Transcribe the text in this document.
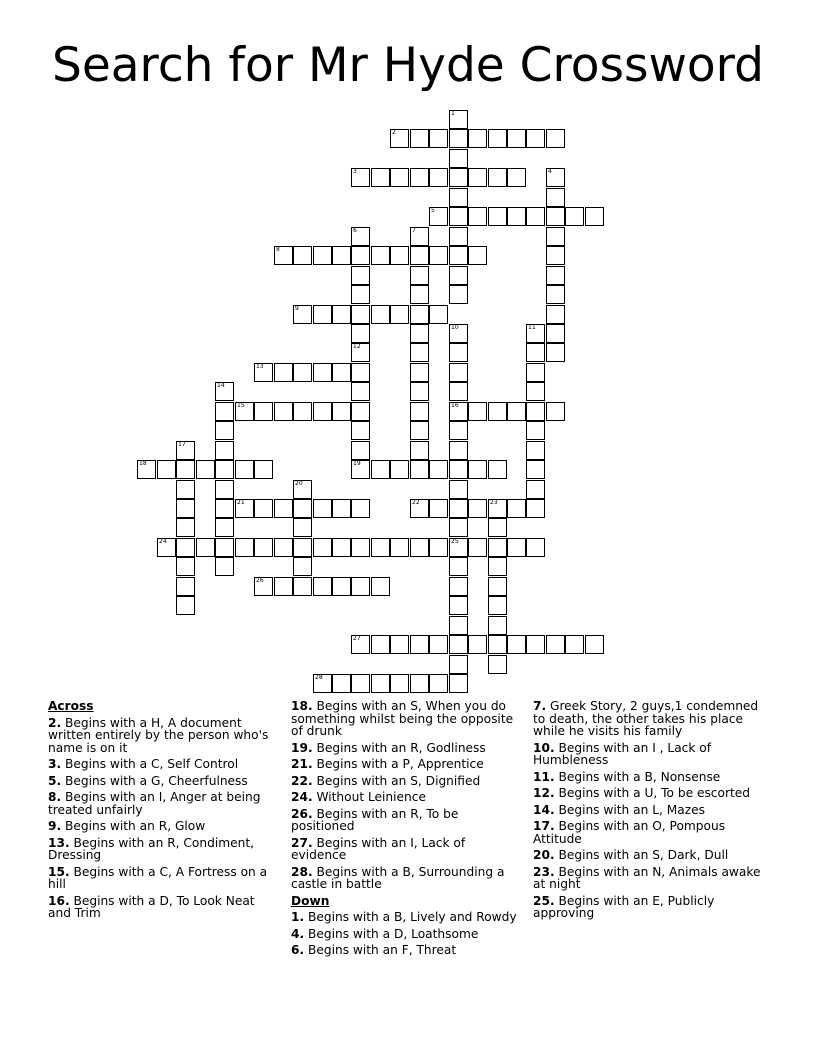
Search for Mr Hyde Crossword
1
2
3	4
5
6
12
19
7
8
9
10
16
25
11
13
14
15
17
18
20
21	22	23
24
26
27
28

Across

2. Begins with a H, A document written entirely by the person who's name is on it

3. Begins with a C, Self Control

5. Begins with a G, Cheerfulness

8. Begins with an I, Anger at being treated unfairly

9. Begins with an R, Glow

13. Begins with an R, Condiment, Dressing

15. Begins with a C, A Fortress on a hill

16. Begins with a D, To Look Neat and Trim

18. Begins with an S, When you do something whilst being the opposite of drunk

19. Begins with an R, Godliness

21. Begins with a P, Apprentice

22. Begins with an S, Dignified

24. Without Leinience

26. Begins with an R, To be positioned

27. Begins with an I, Lack of evidence

28. Begins with a B, Surrounding a castle in battle

Down

1. Begins with a B, Lively and Rowdy

4. Begins with a D, Loathsome

6. Begins with an F, Threat

7. Greek Story, 2 guys,1 condemned to death, the other takes his place while he visits his family

10. Begins with an I , Lack of Humbleness

11. Begins with a B, Nonsense

12. Begins with a U, To be escorted

14. Begins with an L, Mazes

17. Begins with an O, Pompous Attitude

20. Begins with an S, Dark, Dull

23. Begins with an N, Animals awake at night

25. Begins with an E, Publicly approving
